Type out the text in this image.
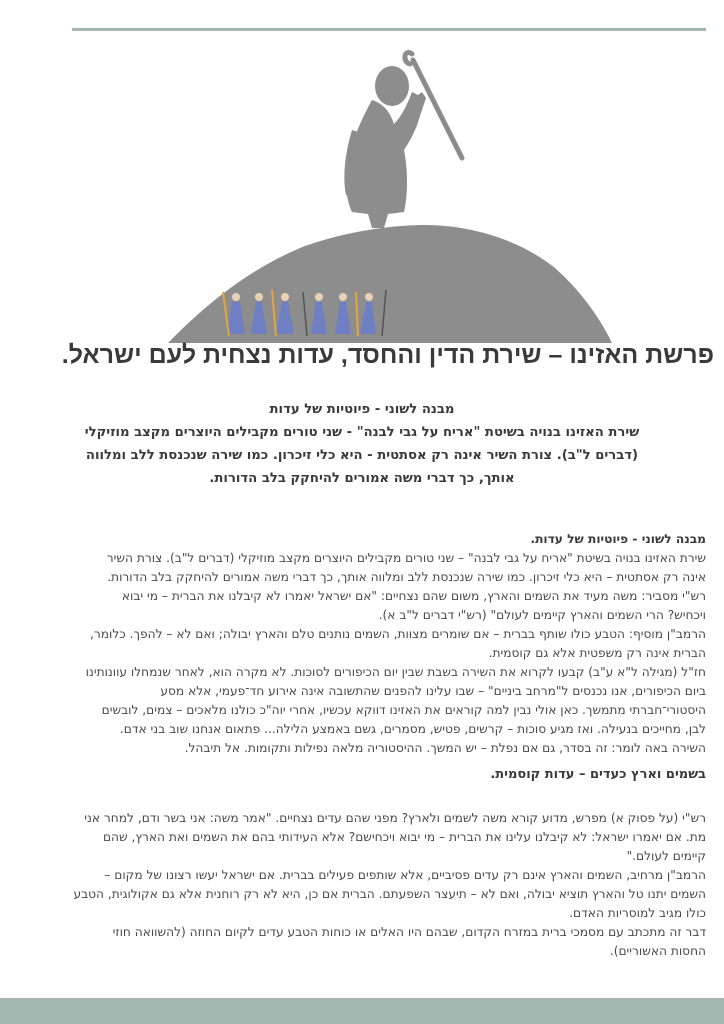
פרשת האזינו – שירת הדין והחסד, עדות נצחית לעם ישראל.

מבנה לשוני - פיוטיות של עדות

שירת האזינו בנויה בשיטת "אריח על גבי לבנה" - שני טורים מקבילים היוצרים מקצב מוזיקלי

(דברים ל"ב). צורת השיר אינה רק אסתטית - היא כלי זיכרון. כמו שירה שנכנסת ללב ומלווה

אותך, כך דברי משה אמורים להיחקק בלב הדורות.

מבנה לשוני - פיוטיות של עדות.

שירת האזינו בנויה בשיטת "אריח על גבי לבנה" – שני טורים מקבילים היוצרים מקצב מוזיקלי (דברים ל"ב). צורת השיר

אינה רק אסתטית – היא כלי זיכרון. כמו שירה שנכנסת ללב ומלווה אותך, כך דברי משה אמורים להיחקק בלב הדורות.

רש"י מסביר: משה מעיד את השמים והארץ, משום שהם נצחיים: "אם ישראל יאמרו לא קיבלנו את הברית – מי יבוא

ויכחיש? הרי השמים והארץ קיימים לעולם" (רש"י דברים ל"ב א).

הרמב"ן מוסיף: הטבע כולו שותף בברית – אם שומרים מצוות, השמים נותנים טלם והארץ יבולה; ואם לא – להפך. כלומר,

הברית אינה רק משפטית אלא גם קוסמית.

חז"ל (מגילה ל"א ע"ב) קבעו לקרוא את השירה בשבת שבין יום הכיפורים לסוכות. לא מקרה הוא, לאחר שנמחלו עוונותינו

ביום הכיפורים, אנו נכנסים ל"מרחב ביניים" – שבו עלינו להפנים שהתשובה אינה אירוע חד־פעמי, אלא מסע

היסטורי־חברתי מתמשך. כאן אולי נבין למה קוראים את האזינו דווקא עכשיו, אחרי יוה"כ כולנו מלאכים – צמים, לובשים

לבן, מחייכים בנעילה. ואז מגיע סוכות – קרשים, פטיש, מסמרים, גשם באמצע הלילה... פתאום אנחנו שוב בני אדם.

השירה באה לומר: זה בסדר, גם אם נפלת – יש המשך. ההיסטוריה מלאה נפילות ותקומות. אל תיבהל.

בשמים וארץ כעדים – עדות קוסמית.

רש"י (על פסוק א) מפרש, מדוע קורא משה לשמים ולארץ? מפני שהם עדים נצחיים. "אמר משה: אני בשר ודם, למחר אני

מת. אם יאמרו ישראל: לא קיבלנו עלינו את הברית – מי יבוא ויכחישם? אלא העידותי בהם את השמים ואת הארץ, שהם

קיימים לעולם."

הרמב"ן מרחיב, השמים והארץ אינם רק עדים פסיביים, אלא שותפים פעילים בברית. אם ישראל יעשו רצונו של מקום –

השמים יתנו טל והארץ תוציא יבולה, ואם לא – תיעצר השפעתם. הברית אם כן, היא לא רק רוחנית אלא גם אקולוגית, הטבע

כולו מגיב למוסריות האדם.

דבר זה מתכתב עם מסמכי ברית במזרח הקדום, שבהם היו האלים או כוחות הטבע עדים לקיום החוזה (להשוואה חוזי

החסות האשוריים).
